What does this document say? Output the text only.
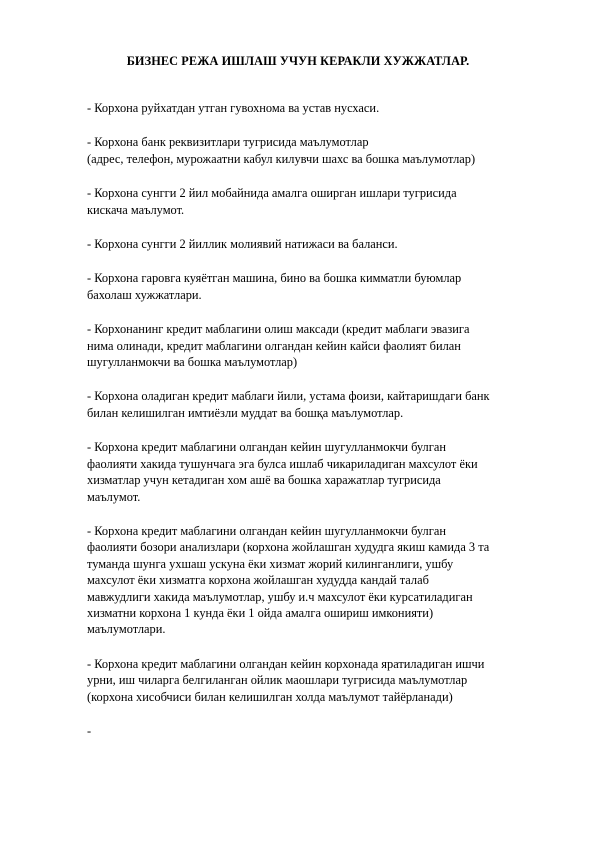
БИЗНЕС РЕЖА ИШЛАШ УЧУН КЕРАКЛИ ХУЖЖАТЛАР.
- Корхона руйхатдан утган гувохнома ва устав нусхаси.
- Корхона банк реквизитлари тугрисида маълумотлар
(адрес, телефон, мурожаатни кабул килувчи шахс ва бошка маълумотлар)
- Корхона сунгги 2 йил мобайнида амалга оширган ишлари тугрисида
кискача маълумот.
- Корхона сунгги 2 йиллик молиявий натижаси ва баланси.
- Корхона гаровга куяётган машина, бино ва бошка кимматли буюмлар
бахолаш хужжатлари.
- Корхонанинг кредит маблагини олиш максади (кредит маблаги эвазига
нима олинади, кредит маблагини олгандан кейин кайси фаолият билан
шугулланмокчи ва бошка маълумотлар)
- Корхона оладиган кредит маблаги йили, устама фоизи, кайтаришдаги банк
билан келишилган имтиёзли муддат ва бошқа маълумотлар.
- Корхона кредит маблагини олгандан кейин шугулланмокчи булган
фаолияти хакида тушунчага эга булса ишлаб чикариладиган махсулот ёки
хизматлар учун кетадиган хом ашё ва бошка харажатлар тугрисида
маълумот.
- Корхона кредит маблагини олгандан кейин шугулланмокчи булган
фаолияти бозори анализлари (корхона жойлашган худудга якиш камида 3 та
туманда шунга ухшаш ускуна ёки хизмат жорий килинганлиги, ушбу
махсулот ёки хизматга корхона жойлашган худудда кандай талаб
мавжудлиги хакида маълумотлар, ушбу и.ч махсулот ёки курсатиладиган
хизматни корхона 1 кунда ёки 1 ойда амалга ошириш имконияти)
маълумотлари.
- Корхона кредит маблагини олгандан кейин корхонада яратиладиган ишчи
урни, иш чиларга белгиланган ойлик маошлари тугрисида маълумотлар
(корхона хисобчиси билан келишилган холда маълумот тайёрланади)
-
